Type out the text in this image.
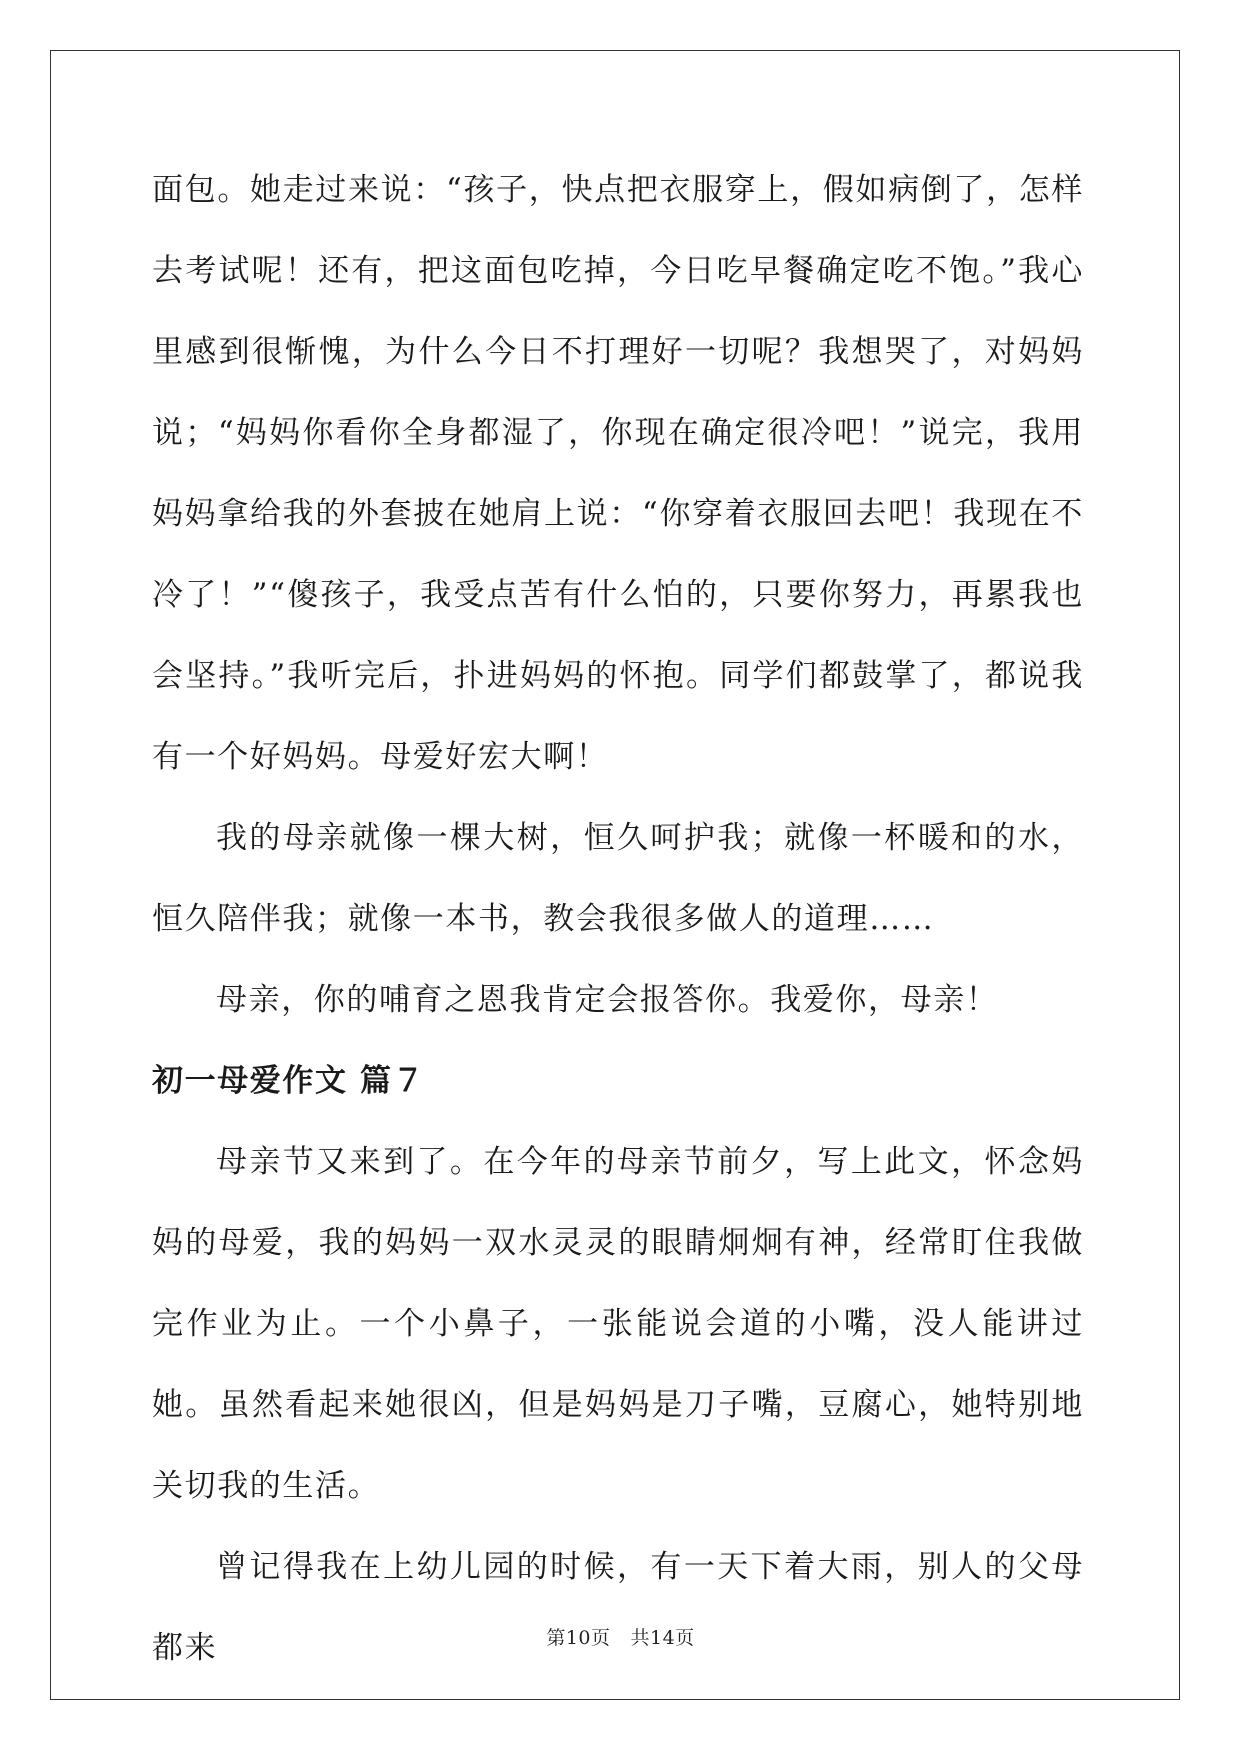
面包。她走过来说：“孩子，快点把衣服穿上，假如病倒了，怎样去考试呢！还有，把这面包吃掉，今日吃早餐确定吃不饱。”我心里感到很惭愧，为什么今日不打理好一切呢？我想哭了，对妈妈说；“妈妈你看你全身都湿了，你现在确定很冷吧！”说完，我用妈妈拿给我的外套披在她肩上说：“你穿着衣服回去吧！我现在不冷了！”“傻孩子，我受点苦有什么怕的，只要你努力，再累我也会坚持。”我听完后，扑进妈妈的怀抱。同学们都鼓掌了，都说我有一个好妈妈。母爱好宏大啊！

我的母亲就像一棵大树，恒久呵护我；就像一杯暖和的水，恒久陪伴我；就像一本书，教会我很多做人的道理……

母亲，你的哺育之恩我肯定会报答你。我爱你，母亲！

初一母爱作文 篇７

母亲节又来到了。在今年的母亲节前夕，写上此文，怀念妈妈的母爱，我的妈妈一双水灵灵的眼睛炯炯有神，经常盯住我做完作业为止。一个小鼻子，一张能说会道的小嘴，没人能讲过她。虽然看起来她很凶，但是妈妈是刀子嘴，豆腐心，她特别地关切我的生活。

曾记得我在上幼儿园的时候，有一天下着大雨，别人的父母都来	第10页 共14页
